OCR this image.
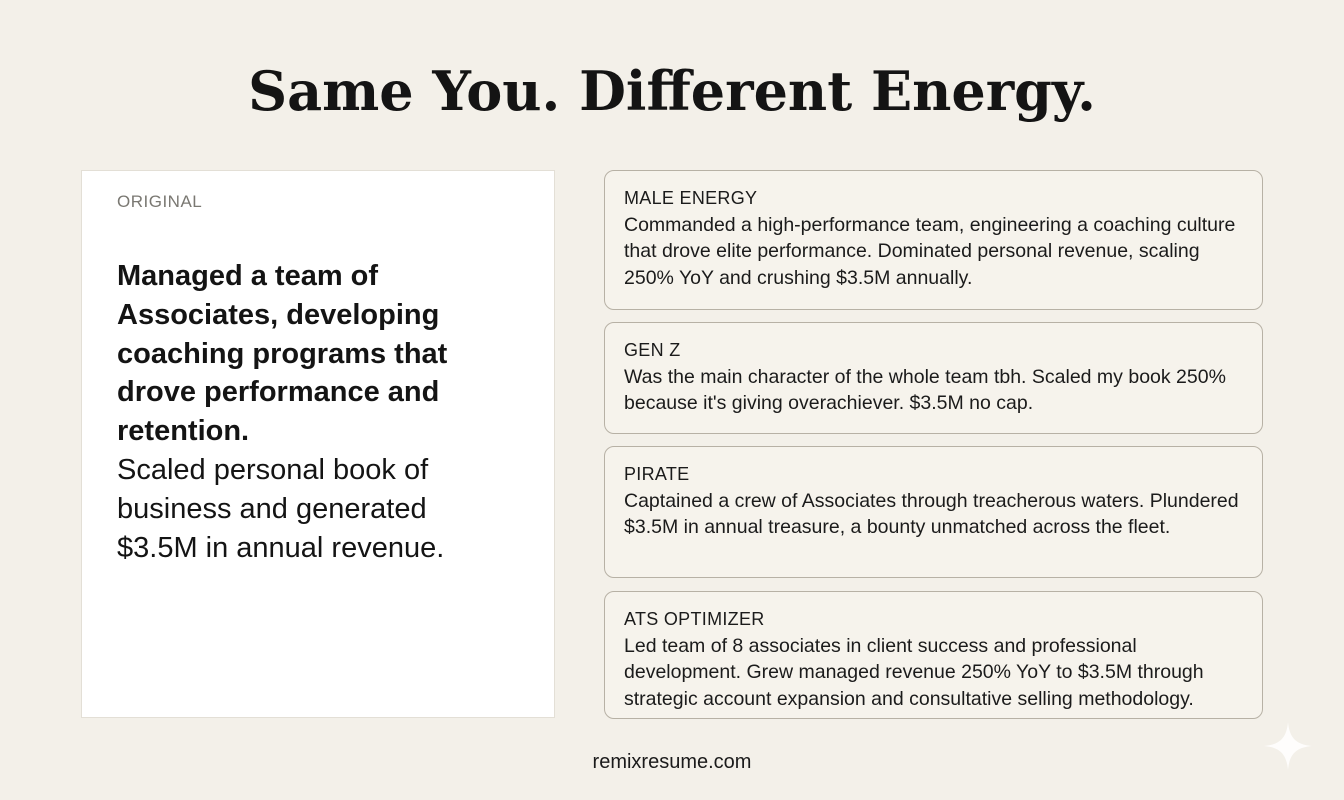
Same You. Different Energy.
ORIGINAL

Managed a team of Associates, developing coaching programs that drove performance and retention.

Scaled personal book of business and generated $3.5M in annual revenue.

MALE ENERGY
Commanded a high-performance team, engineering a coaching culture that drove elite performance. Dominated personal revenue, scaling 250% YoY and crushing $3.5M annually.
GEN Z
Was the main character of the whole team tbh. Scaled my book 250% because it's giving overachiever. $3.5M no cap.
PIRATE
Captained a crew of Associates through treacherous waters. Plundered $3.5M in annual treasure, a bounty unmatched across the fleet.
ATS OPTIMIZER
Led team of 8 associates in client success and professional development. Grew managed revenue 250% YoY to $3.5M through strategic account expansion and consultative selling methodology.
remixresume.com
